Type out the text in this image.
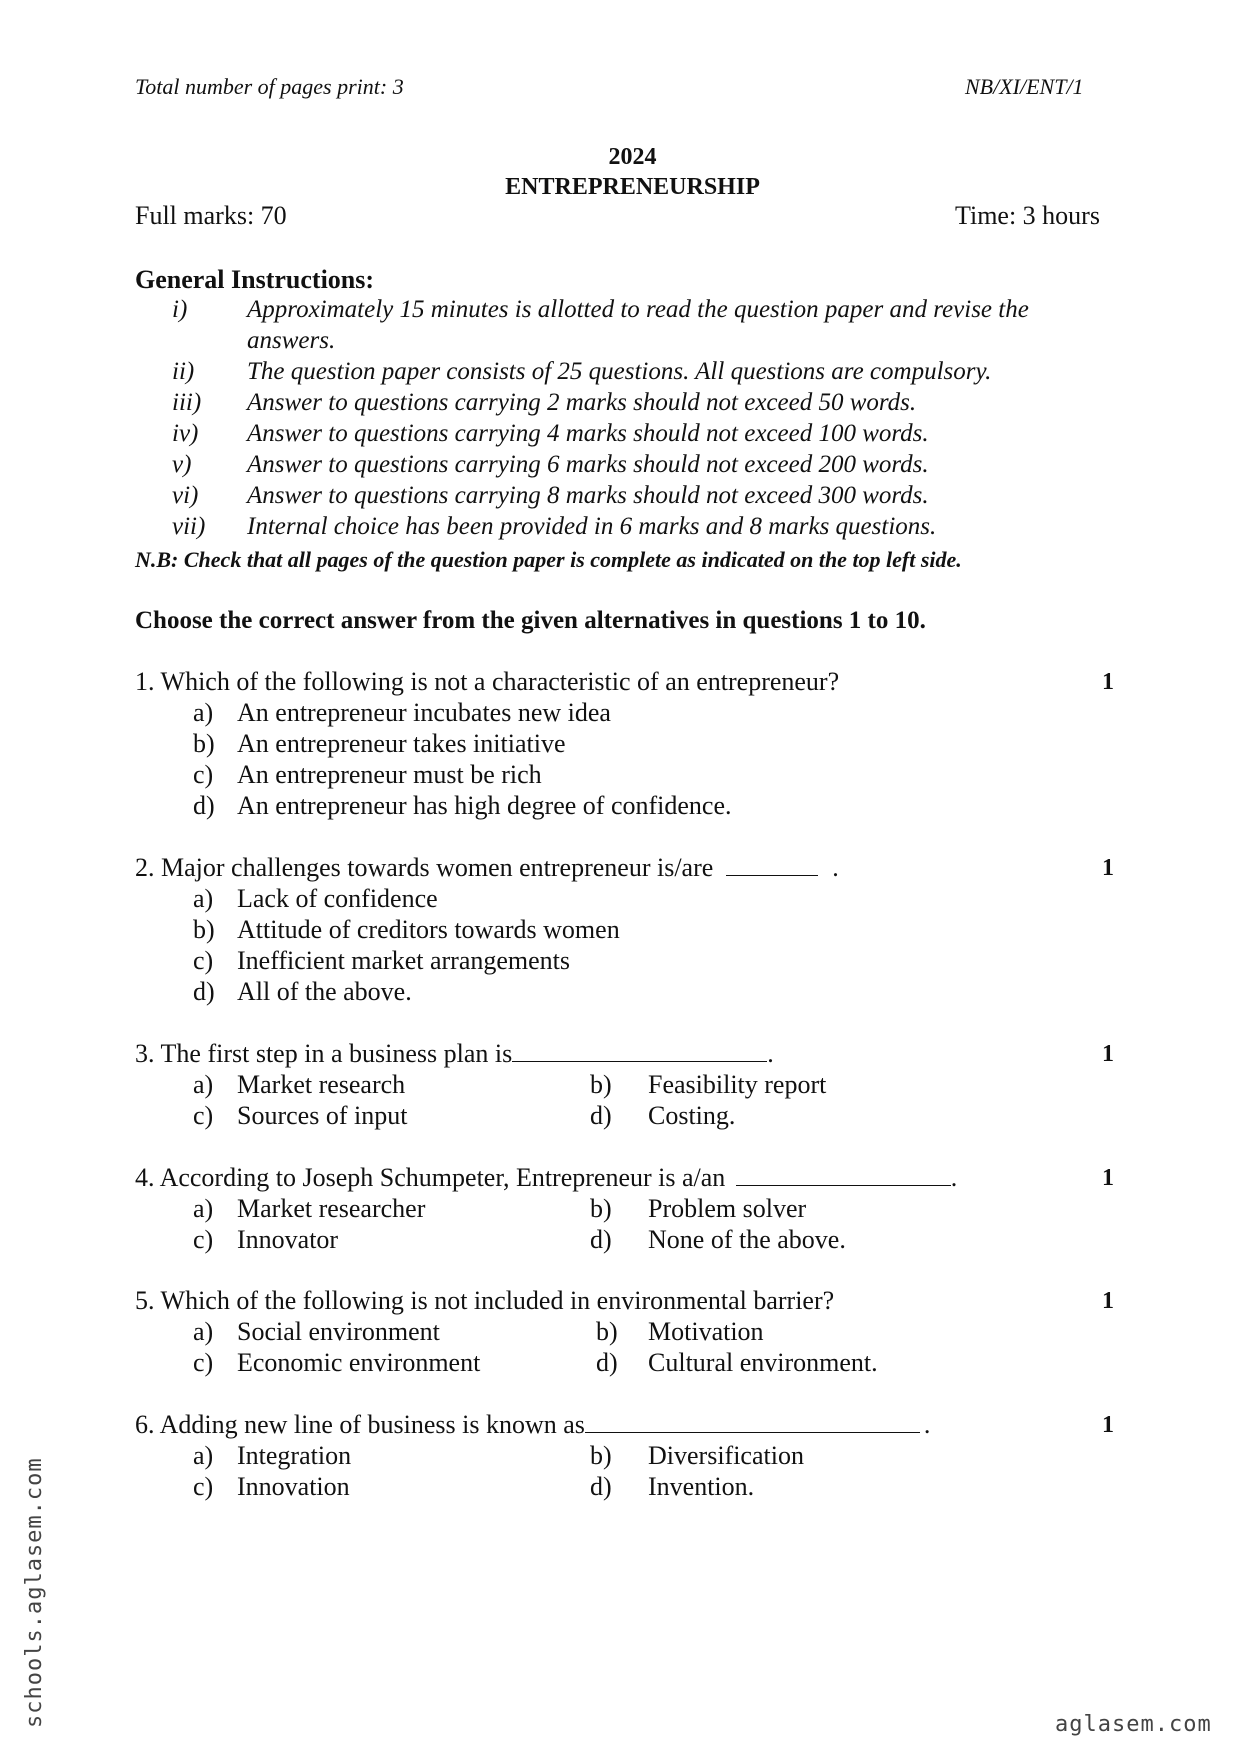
Total number of pages print: 3	NB/XI/ENT/1
2024
ENTREPRENEURSHIP
Full marks: 70	Time: 3 hours
General Instructions:
i) Approximately 15 minutes is allotted to read the question paper and revise the
answers.
ii) The question paper consists of 25 questions. All questions are compulsory.
iii) Answer to questions carrying 2 marks should not exceed 50 words.
iv) Answer to questions carrying 4 marks should not exceed 100 words.
v) Answer to questions carrying 6 marks should not exceed 200 words.
vi) Answer to questions carrying 8 marks should not exceed 300 words.
vii) Internal choice has been provided in 6 marks and 8 marks questions.
N.B: Check that all pages of the question paper is complete as indicated on the top left side.
Choose the correct answer from the given alternatives in questions 1 to 10.
1. Which of the following is not a characteristic of an entrepreneur?	1
a) An entrepreneur incubates new idea
b) An entrepreneur takes initiative
c) An entrepreneur must be rich
d) An entrepreneur has high degree of confidence.
2. Major challenges towards women entrepreneur is/are	.	1
a) Lack of confidence
b) Attitude of creditors towards women
c) Inefficient market arrangements
d) All of the above.
3. The first step in a business plan is	.	1
a) Market research	b) Feasibility report
c) Sources of input	d) Costing.
4. According to Joseph Schumpeter, Entrepreneur is a/an	.	1
a) Market researcher	b) Problem solver
c) Innovator	d) None of the above.
5. Which of the following is not included in environmental barrier?	1
a) Social environment	b) Motivation
c) Economic environment	d) Cultural environment.
6. Adding new line of business is known as	.	1
a) Integration	b) Diversification
c) Innovation	d) Invention.
schools.aglasem.com	aglasem.com
